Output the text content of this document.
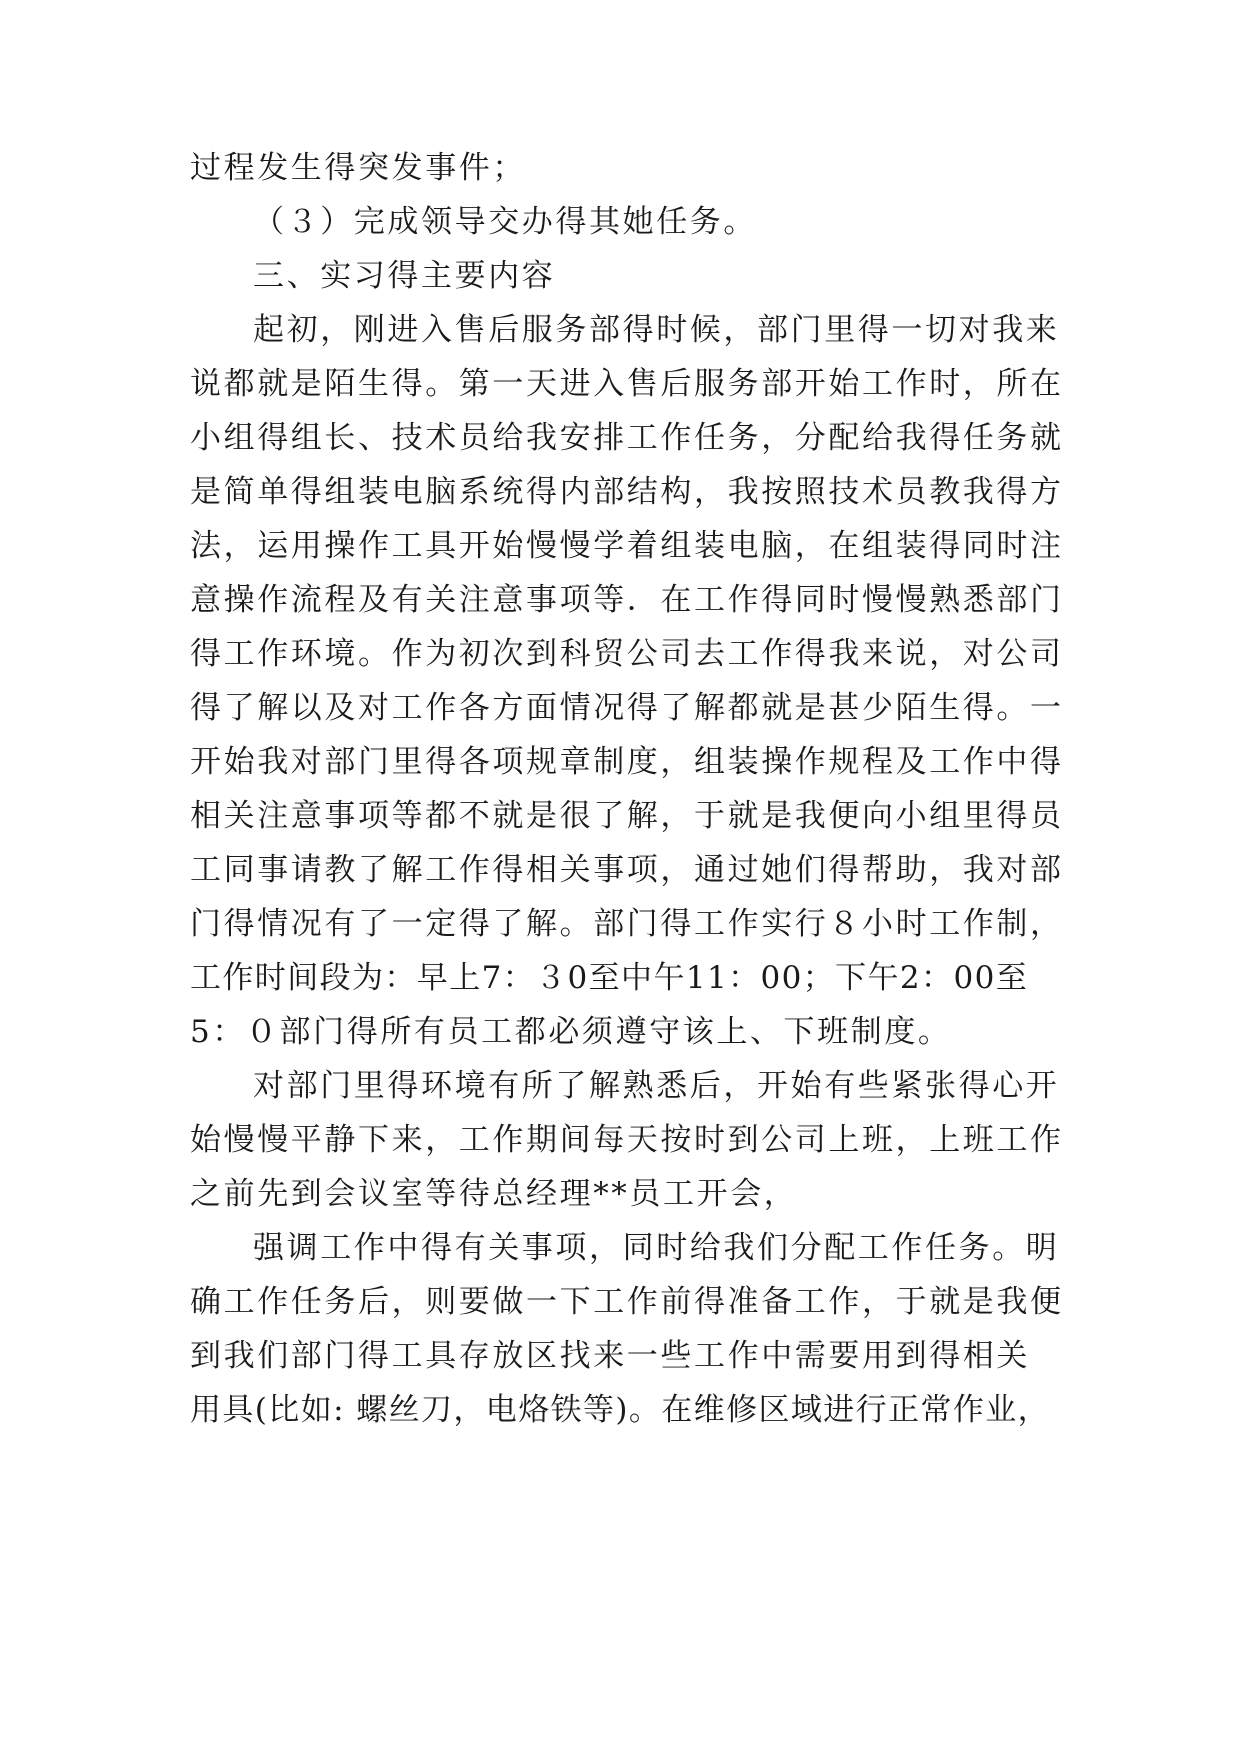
过程发生得突发事件；
（３）完成领导交办得其她任务。
三、实习得主要内容
起初，刚进入售后服务部得时候，部门里得一切对我来
说都就是陌生得。第一天进入售后服务部开始工作时，所在
小组得组长、技术员给我安排工作任务，分配给我得任务就
是简单得组装电脑系统得内部结构，我按照技术员教我得方
法，运用操作工具开始慢慢学着组装电脑，在组装得同时注
意操作流程及有关注意事项等．在工作得同时慢慢熟悉部门
得工作环境。作为初次到科贸公司去工作得我来说，对公司
得了解以及对工作各方面情况得了解都就是甚少陌生得。一
开始我对部门里得各项规章制度，组装操作规程及工作中得
相关注意事项等都不就是很了解，于就是我便向小组里得员
工同事请教了解工作得相关事项，通过她们得帮助，我对部
门得情况有了一定得了解。部门得工作实行８小时工作制，
工作时间段为：早上7：３0至中午11：00；下午2：00至
5：０部门得所有员工都必须遵守该上、下班制度。
对部门里得环境有所了解熟悉后，开始有些紧张得心开
始慢慢平静下来，工作期间每天按时到公司上班，上班工作
之前先到会议室等待总经理**员工开会，
强调工作中得有关事项，同时给我们分配工作任务。明
确工作任务后，则要做一下工作前得准备工作，于就是我便
到我们部门得工具存放区找来一些工作中需要用到得相关
用具(比如: 螺丝刀，电烙铁等)。在维修区域进行正常作业，
